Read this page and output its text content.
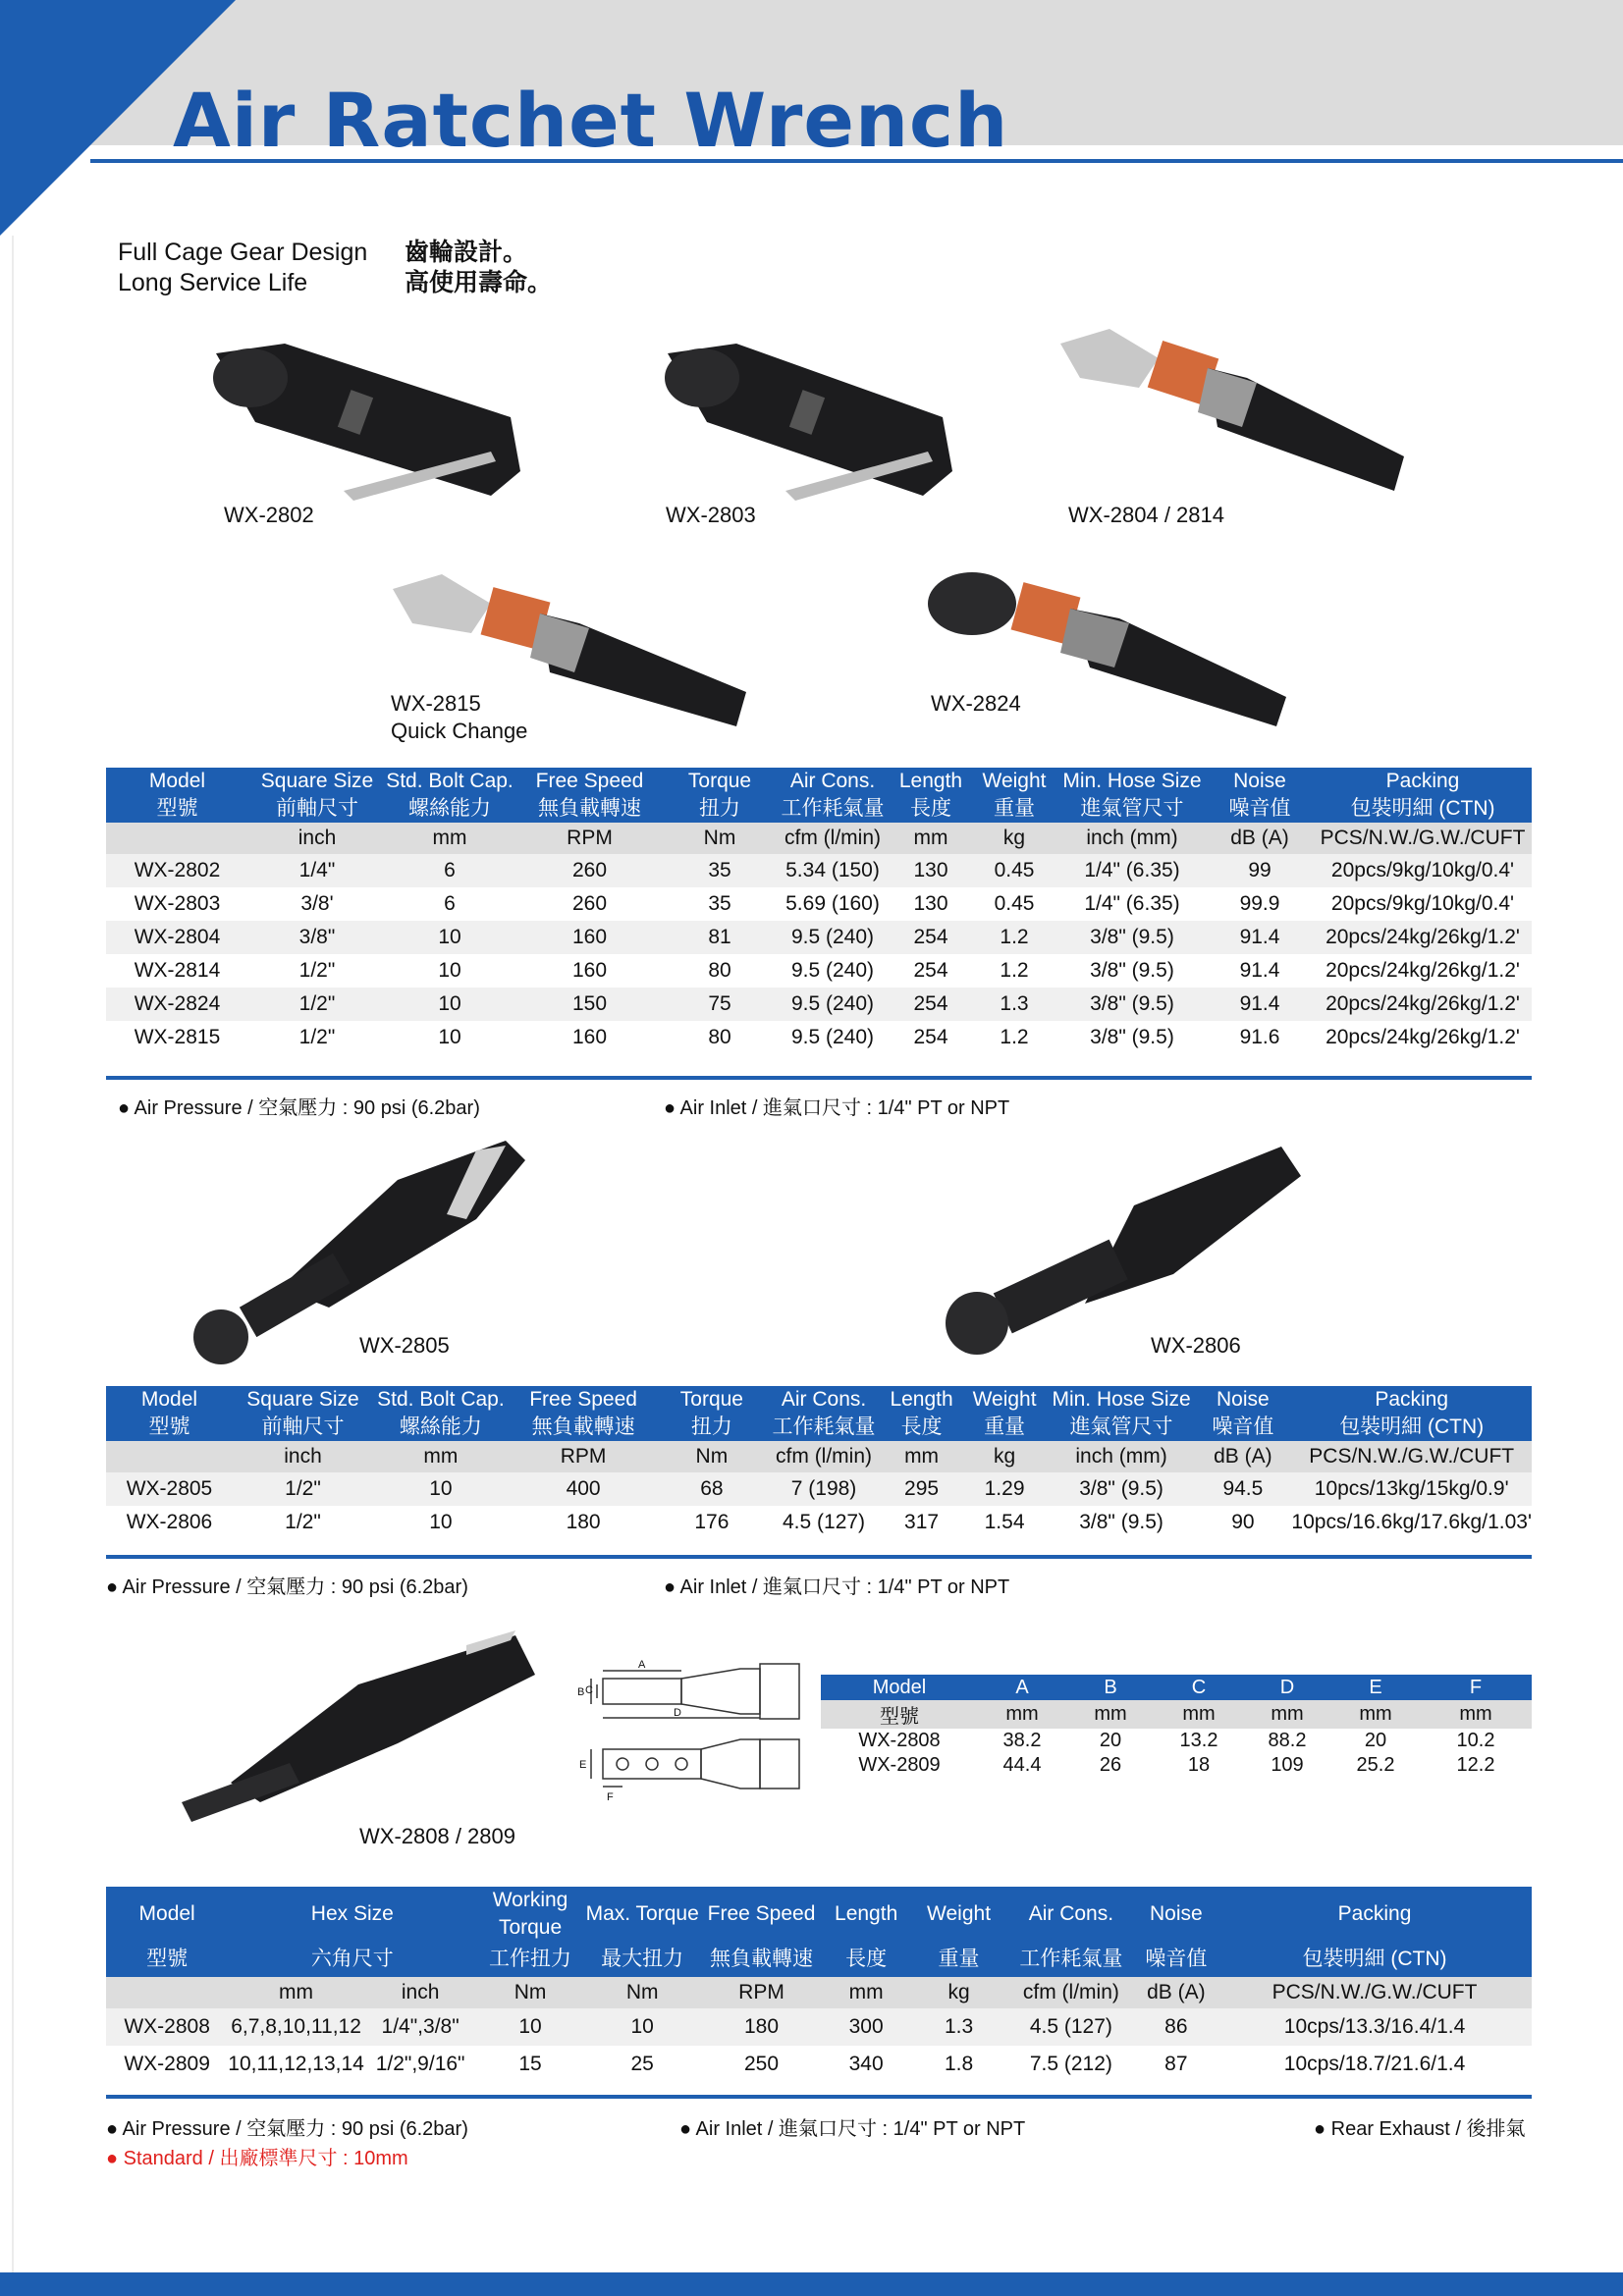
Air Ratchet Wrench
Full Cage Gear Design
Long Service Life
齒輪設計。
高使用壽命。
WX-2802	WX-2803	WX-2804 / 2814
WX-2815
Quick Change
WX-2824
Model	Square Size	Std. Bolt Cap.	Free Speed	Torque	Air Cons.	Length	Weight	Min. Hose Size	Noise	Packing
型號	前軸尺寸	螺絲能力	無負載轉速	扭力	工作耗氣量	長度	重量	進氣管尺寸	噪音值	包裝明細 (CTN)
	inch	mm	RPM	Nm	cfm (l/min)	mm	kg	inch (mm)	dB (A)	PCS/N.W./G.W./CUFT
WX-2802	1/4"	6	260	35	5.34 (150)	130	0.45	1/4" (6.35)	99	20pcs/9kg/10kg/0.4'
WX-2803	3/8'	6	260	35	5.69 (160)	130	0.45	1/4" (6.35)	99.9	20pcs/9kg/10kg/0.4'
WX-2804	3/8"	10	160	81	9.5 (240)	254	1.2	3/8" (9.5)	91.4	20pcs/24kg/26kg/1.2'
WX-2814	1/2"	10	160	80	9.5 (240)	254	1.2	3/8" (9.5)	91.4	20pcs/24kg/26kg/1.2'
WX-2824	1/2"	10	150	75	9.5 (240)	254	1.3	3/8" (9.5)	91.4	20pcs/24kg/26kg/1.2'
WX-2815	1/2"	10	160	80	9.5 (240)	254	1.2	3/8" (9.5)	91.6	20pcs/24kg/26kg/1.2'
● Air Pressure / 空氣壓力 : 90 psi (6.2bar)	● Air Inlet / 進氣口尺寸 : 1/4" PT or NPT
WX-2805	WX-2806
Model	Square Size	Std. Bolt Cap.	Free Speed	Torque	Air Cons.	Length	Weight	Min. Hose Size	Noise	Packing
型號	前軸尺寸	螺絲能力	無負載轉速	扭力	工作耗氣量	長度	重量	進氣管尺寸	噪音值	包裝明細 (CTN)
	inch	mm	RPM	Nm	cfm (l/min)	mm	kg	inch (mm)	dB (A)	PCS/N.W./G.W./CUFT
WX-2805	1/2"	10	400	68	7 (198)	295	1.29	3/8" (9.5)	94.5	10pcs/13kg/15kg/0.9'
WX-2806	1/2"	10	180	176	4.5 (127)	317	1.54	3/8" (9.5)	90	10pcs/16.6kg/17.6kg/1.03'
● Air Pressure / 空氣壓力 : 90 psi (6.2bar)	● Air Inlet / 進氣口尺寸 : 1/4" PT or NPT
WX-2808 / 2809
A
B C
D
E
F
Model	A	B	C	D	E	F
型號	mm	mm	mm	mm	mm	mm
WX-2808	38.2	20	13.2	88.2	20	10.2
WX-2809	44.4	26	18	109	25.2	12.2
Model	Hex Size		Working Torque	Max. Torque	Free Speed	Length	Weight	Air Cons.	Noise	Packing
型號	六角尺寸		工作扭力	最大扭力	無負載轉速	長度	重量	工作耗氣量	噪音值	包裝明細 (CTN)
	mm	inch	Nm	Nm	RPM	mm	kg	cfm (l/min)	dB (A)	PCS/N.W./G.W./CUFT
WX-2808	6,7,8,10,11,12	1/4",3/8"	10	10	180	300	1.3	4.5 (127)	86	10cps/13.3/16.4/1.4
WX-2809	10,11,12,13,14	1/2",9/16"	15	25	250	340	1.8	7.5 (212)	87	10cps/18.7/21.6/1.4
● Air Pressure / 空氣壓力 : 90 psi (6.2bar)	● Air Inlet / 進氣口尺寸 : 1/4" PT or NPT	● Rear Exhaust / 後排氣
● Standard / 出廠標準尺寸 : 10mm
